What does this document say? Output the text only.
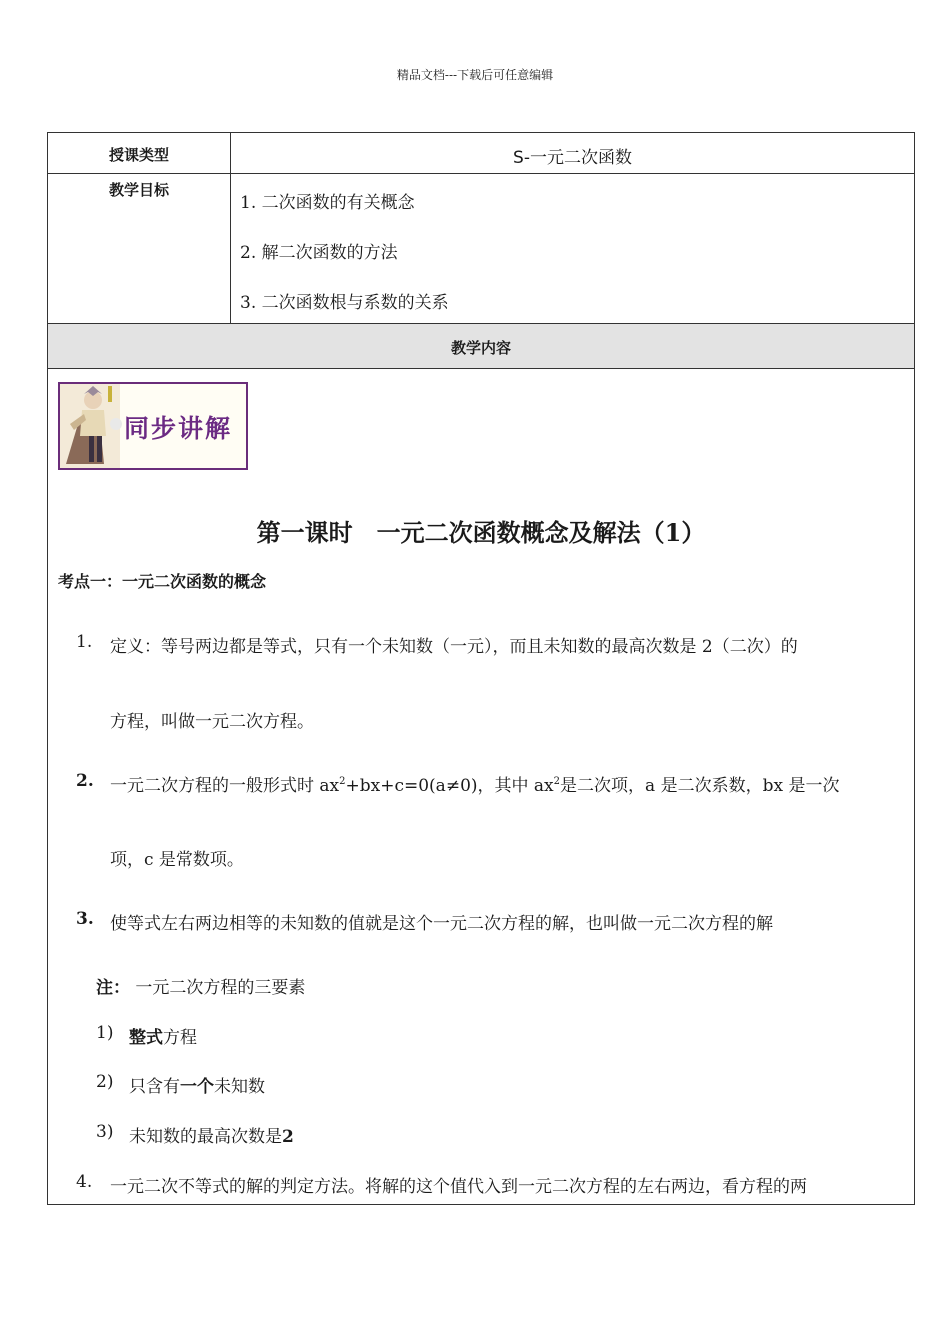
精品文档---下载后可任意编辑
授课类型	S-一元二次函数
教学目标
1. 二次函数的有关概念
2. 解二次函数的方法
3. 二次函数根与系数的关系
教学内容
同步讲解
第一课时　一元二次函数概念及解法（1）
考点一：一元二次函数的概念
1. 定义：等号两边都是等式，只有一个未知数（一元），而且未知数的最高次数是 2（二次）的
方程，叫做一元二次方程。
2. 一元二次方程的一般形式时 $ax^2+bx+c=0(a\ne 0)$，其中 $ax^2$是二次项，a 是二次系数，bx 是一次
项，c 是常数项。
3. 使等式左右两边相等的未知数的值就是这个一元二次方程的解，也叫做一元二次方程的解
注： 一元二次方程的三要素
1) 整式方程
2) 只含有一个未知数
3) 未知数的最高次数是2
4. 一元二次不等式的解的判定方法。将解的这个值代入到一元二次方程的左右两边，看方程的两
